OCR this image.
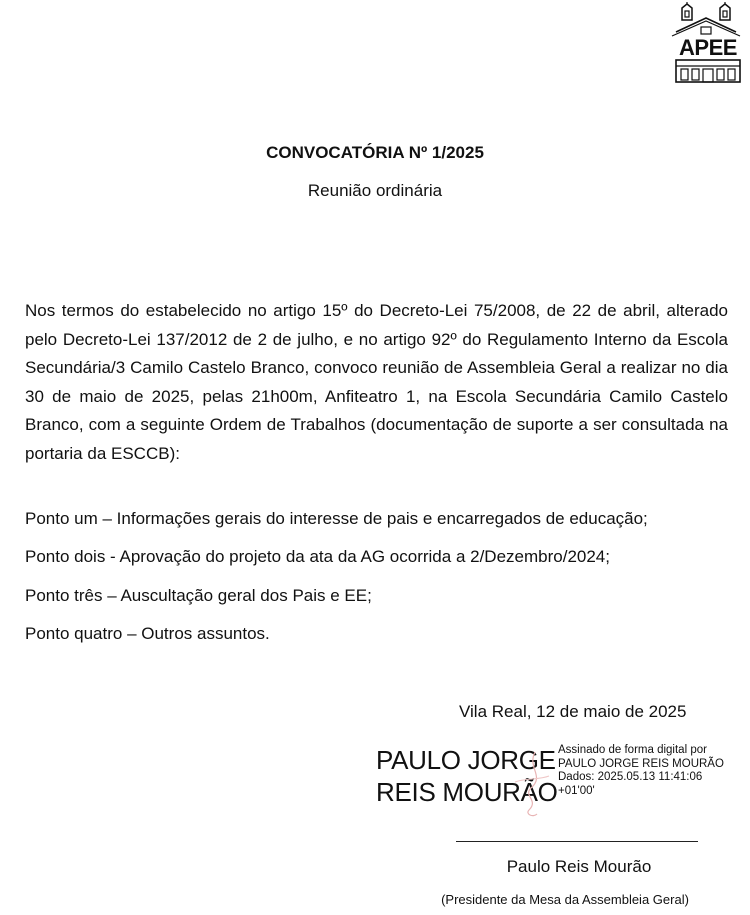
APEE
CONVOCATÓRIA Nº 1/2025
Reunião ordinária
Nos termos do estabelecido no artigo 15º do Decreto-Lei 75/2008, de 22 de abril, alterado pelo Decreto-Lei 137/2012 de 2 de julho, e no artigo 92º do Regulamento Interno da Escola Secundária/3 Camilo Castelo Branco, convoco reunião de Assembleia Geral a realizar no dia 30 de maio de 2025, pelas 21h00m, Anfiteatro 1, na Escola Secundária Camilo Castelo Branco, com a seguinte Ordem de Trabalhos (documentação de suporte a ser consultada na portaria da ESCCB):
Ponto um – Informações gerais do interesse de pais e encarregados de educação;
Ponto dois - Aprovação do projeto da ata da AG ocorrida a 2/Dezembro/2024;
Ponto três – Auscultação geral dos Pais e EE;
Ponto quatro – Outros assuntos.
Vila Real, 12 de maio de 2025
PAULO JORGE
REIS MOURÃO
Assinado de forma digital por
PAULO JORGE REIS MOURÃO
Dados: 2025.05.13 11:41:06
+01'00'
Paulo Reis Mourão
(Presidente da Mesa da Assembleia Geral)
